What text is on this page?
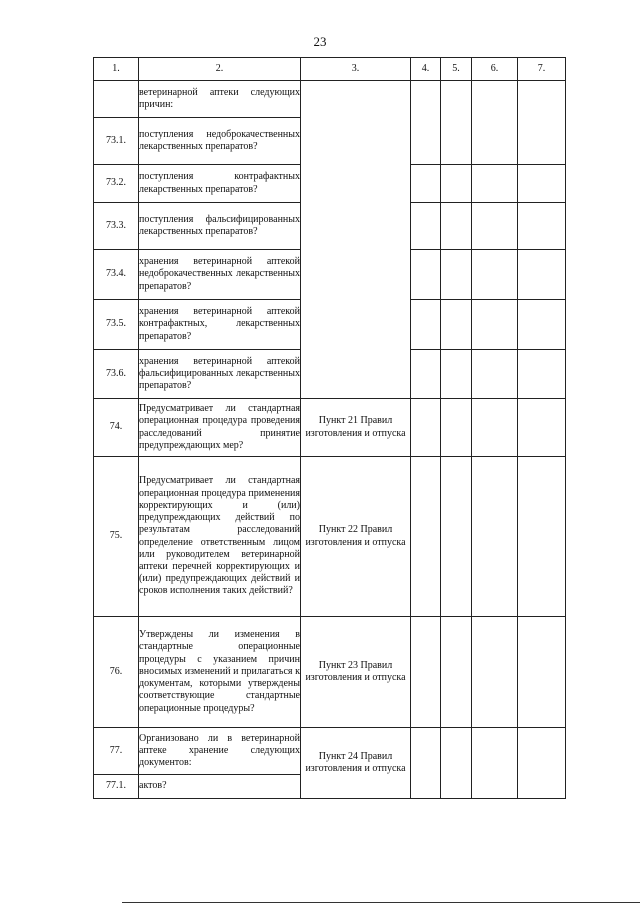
23
1.	2.	3.	4.	5.	6.	7.
	ветеринарной аптеки следующих причин:					
73.1.	поступления недоброкачественных лекарственных препаратов?					
73.2.	поступления контрафактных лекарственных препаратов?					
73.3.	поступления фальсифицированных лекарственных препаратов?					
73.4.	хранения ветеринарной аптекой недоброкачественных лекарственных препаратов?					
73.5.	хранения ветеринарной аптекой контрафактных, лекарственных препаратов?					
73.6.	хранения ветеринарной аптекой фальсифицированных лекарственных препаратов?					
74.	Предусматривает ли стандартная операционная процедура проведения расследований принятие предупреждающих мер?	Пункт 21 Правил изготовления и отпуска				
75.	Предусматривает ли стандартная операционная процедура применения корректирующих и (или) предупреждающих действий по результатам расследований определение ответственным лицом или руководителем ветеринарной аптеки перечней корректирующих и (или) предупреждающих действий и сроков исполнения таких действий?	Пункт 22 Правил изготовления и отпуска				
76.	Утверждены ли изменения в стандартные операционные процедуры с указанием причин вносимых изменений и прилагаться к документам, которыми утверждены соответствующие стандартные операционные процедуры?	Пункт 23 Правил изготовления и отпуска				
77.	Организовано ли в ветеринарной аптеке хранение следующих документов:	Пункт 24 Правил изготовления и отпуска				
77.1.	актов?					
